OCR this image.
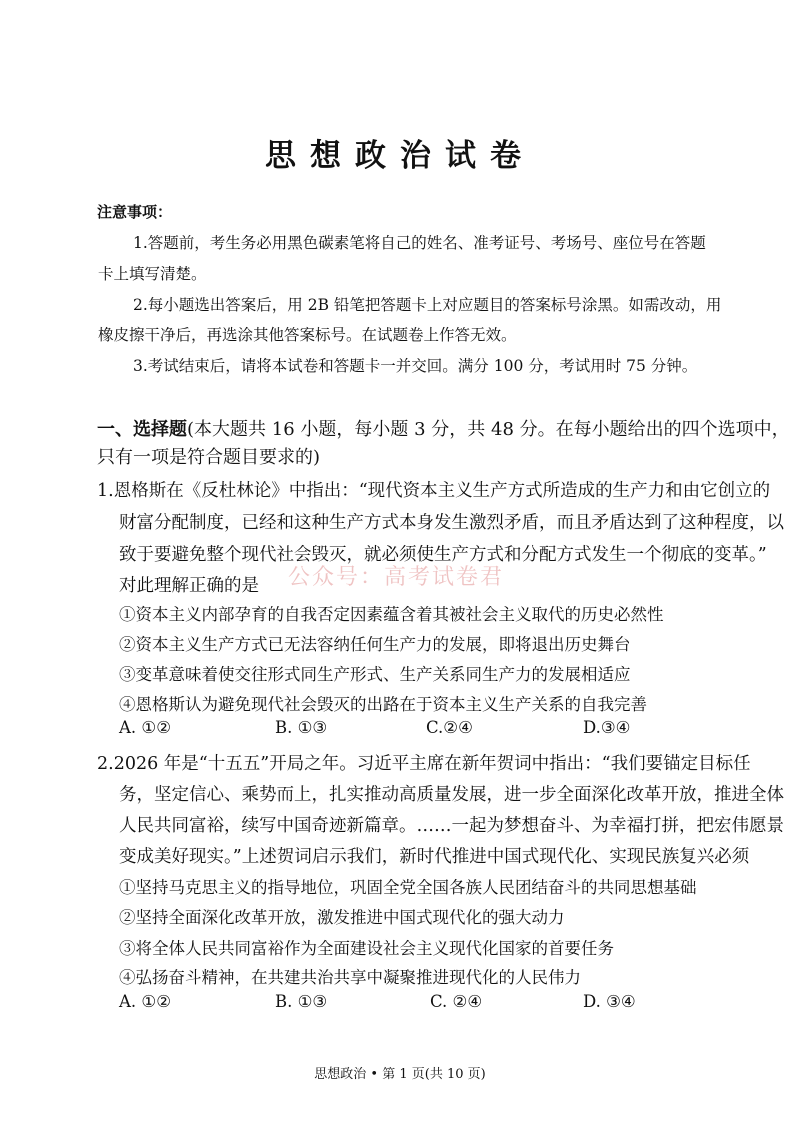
思想政治试卷
注意事项：
1.答题前，考生务必用黑色碳素笔将自己的姓名、准考证号、考场号、座位号在答题
卡上填写清楚。
2.每小题选出答案后，用 2B 铅笔把答题卡上对应题目的答案标号涂黑。如需改动，用
橡皮擦干净后，再选涂其他答案标号。在试题卷上作答无效。
3.考试结束后，请将本试卷和答题卡一并交回。满分 100 分，考试用时 75 分钟。
一、选择题(本大题共 16 小题，每小题 3 分，共 48 分。在每小题给出的四个选项中，
只有一项是符合题目要求的)
1.恩格斯在《反杜林论》中指出：“现代资本主义生产方式所造成的生产力和由它创立的
财富分配制度，已经和这种生产方式本身发生激烈矛盾，而且矛盾达到了这种程度，以
致于要避免整个现代社会毁灭，就必须使生产方式和分配方式发生一个彻底的变革。”
对此理解正确的是
①资本主义内部孕育的自我否定因素蕴含着其被社会主义取代的历史必然性
②资本主义生产方式已无法容纳任何生产力的发展，即将退出历史舞台
③变革意味着使交往形式同生产形式、生产关系同生产力的发展相适应
④恩格斯认为避免现代社会毁灭的出路在于资本主义生产关系的自我完善
A. ①②	B. ①③	C.②④	D.③④
2.2026 年是“十五五”开局之年。习近平主席在新年贺词中指出：“我们要锚定目标任
务，坚定信心、乘势而上，扎实推动高质量发展，进一步全面深化改革开放，推进全体
人民共同富裕，续写中国奇迹新篇章。……一起为梦想奋斗、为幸福打拼，把宏伟愿景
变成美好现实。”上述贺词启示我们，新时代推进中国式现代化、实现民族复兴必须
①坚持马克思主义的指导地位，巩固全党全国各族人民团结奋斗的共同思想基础
②坚持全面深化改革开放，激发推进中国式现代化的强大动力
③将全体人民共同富裕作为全面建设社会主义现代化国家的首要任务
④弘扬奋斗精神，在共建共治共享中凝聚推进现代化的人民伟力
A. ①②	B. ①③	C. ②④	D. ③④
公众号：高考试卷君
思想政治 • 第 1 页(共 10 页)
